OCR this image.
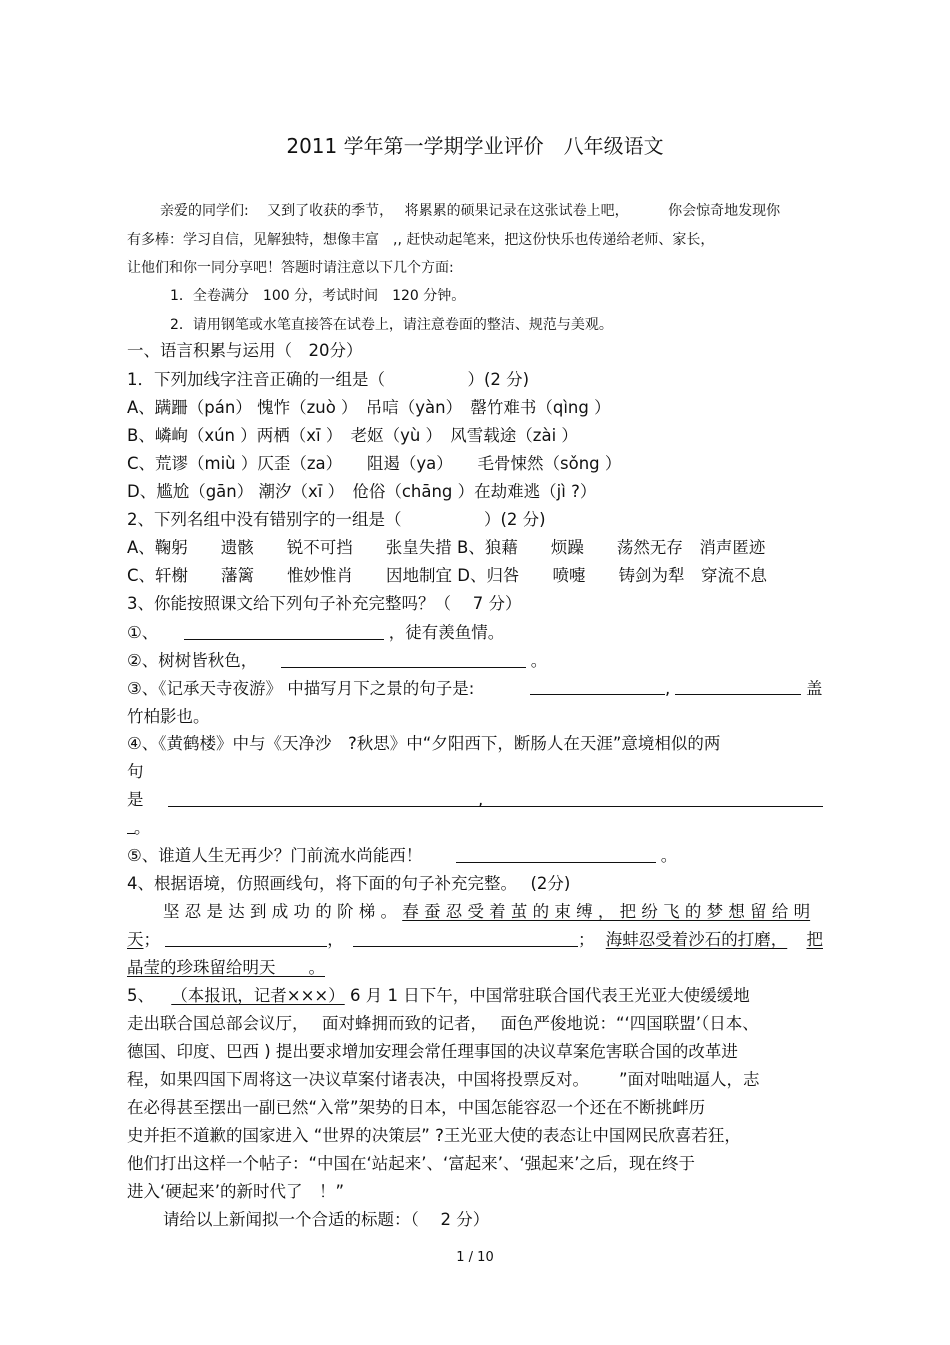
2011 学年第一学期学业评价　八年级语文
亲爱的同学们:　 又到了收获的季节，　 将累累的硕果记录在这张试卷上吧，　　　 你会惊奇地发现你
有多棒：学习自信，见解独特，想像丰富　,, 赶快动起笔来，把这份快乐也传递给老师、家长，
让他们和你一同分享吧！答题时请注意以下几个方面:
1．全卷满分　100 分，考试时间　120 分钟。
2．请用钢笔或水笔直接答在试卷上，请注意卷面的整洁、规范与美观。
一、语言积累与运用（　20分）
1．下列加线字注音正确的一组是（　　　　　）(2 分)
A、蹒跚（pán） 愧怍（zuò ）　吊唁（yàn）　罄竹难书（qìng ）
B、嶙峋（xún ）两栖（xī ）　老妪（yù ）　风雪载途（zài ）
C、荒谬（miù ）仄歪（za）　　阻遏（ya）　　毛骨悚然（sǒng ）
D、尴尬（gān） 潮汐（xī ）　伧俗（chāng ）在劫难逃（jì ?）
2、下列名组中没有错别字的一组是（　　　　　）(2 分)
A、鞠躬　　遗骸　　锐不可挡　　张皇失措 B、狼藉　　烦躁　　荡然无存　消声匿迹
C、轩榭　　藩篱　　惟妙惟肖　　因地制宜 D、归咎　　喷嚏　　铸剑为犁　穿流不息
3、你能按照课文给下列句子补充完整吗？（　 7 分）
①、	，徒有羡鱼情。
②、树树皆秋色，	。
③、《记承天寺夜游》 中描写月下之景的句子是:	,	盖
竹柏影也。
④、《黄鹤楼》中与《天净沙　?秋思》中“夕阳西下，断肠人在天涯”意境相似的两
句
是	,
。
⑤、谁道人生无再少？门前流水尚能西！	。
4、根据语境，仿照画线句，将下面的句子补充完整。　 (2分)
坚 忍 是 达 到 成 功 的 阶 梯 。 春 蚕 忍 受 着 茧 的 束 缚 ， 把 纷 飞 的 梦 想 留 给 明
天；	，	； 海蚌忍受着沙石的打磨， 把
晶莹的珍珠留给明天　　。
5、 （本报讯，记者×××） 6 月 1 日下午，中国常驻联合国代表王光亚大使缓缓地
走出联合国总部会议厅，　 面对蜂拥而致的记者，　 面色严俊地说：“‘四国联盟’（日本、
德国、印度、巴西 ) 提出要求增加安理会常任理事国的决议草案危害联合国的改革进
程，如果四国下周将这一决议草案付诸表决，中国将投票反对。　　 ”面对咄咄逼人，志
在必得甚至摆出一副已然“入常”架势的日本，中国怎能容忍一个还在不断挑衅历
史并拒不道歉的国家进入 “世界的决策层” ?王光亚大使的表态让中国网民欣喜若狂，
他们打出这样一个帖子：“中国在‘站起来’、‘富起来’、‘强起来’之后，现在终于
进入‘硬起来’的新时代了　！”
请给以上新闻拟一个合适的标题：（　 2 分）
1 / 10
